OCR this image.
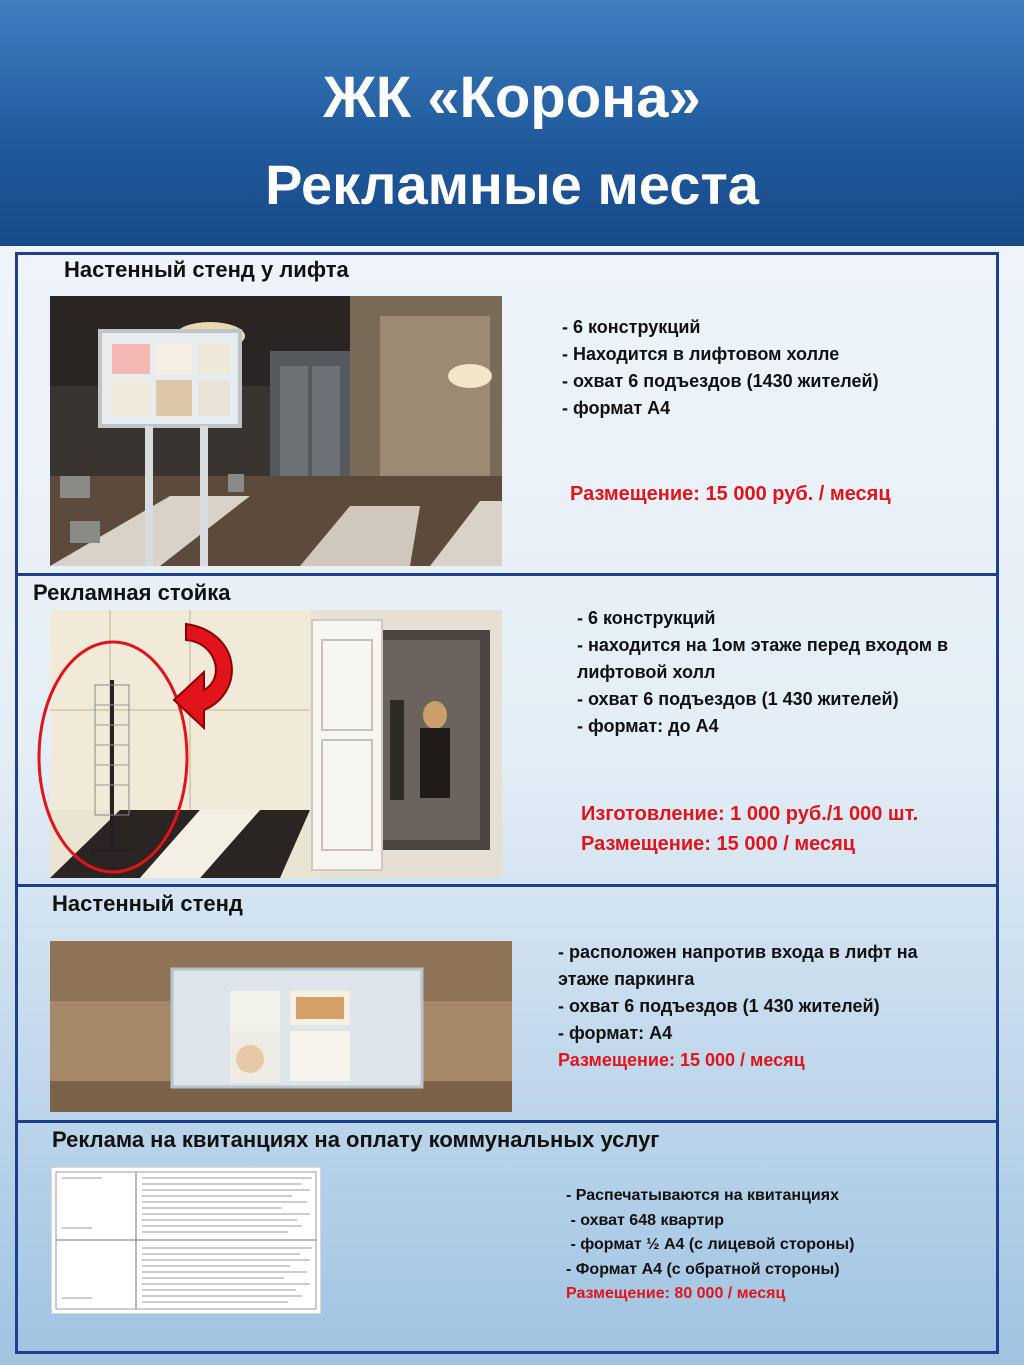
ЖК «Корона»
Рекламные места
Настенный стенд у лифта
- 6 конструкций
- Находится в лифтовом холле
- охват 6 подъездов (1430 жителей)
- формат А4
Размещение: 15 000 руб. / месяц
Рекламная стойка
- 6 конструкций
- находится на 1ом этаже перед входом в
лифтовой холл
- охват 6 подъездов (1 430 жителей)
- формат: до А4
Изготовление: 1 000 руб./1 000 шт.
Размещение: 15 000 / месяц
Настенный стенд
- расположен напротив входа в лифт на
этаже паркинга
- охват 6 подъездов (1 430 жителей)
- формат: А4
Размещение: 15 000 / месяц
Реклама на квитанциях на оплату коммунальных услуг
- Распечатываются на квитанциях
- охват 648 квартир
- формат ½ А4 (с лицевой стороны)
- Формат А4 (с обратной стороны)
Размещение: 80 000 / месяц
